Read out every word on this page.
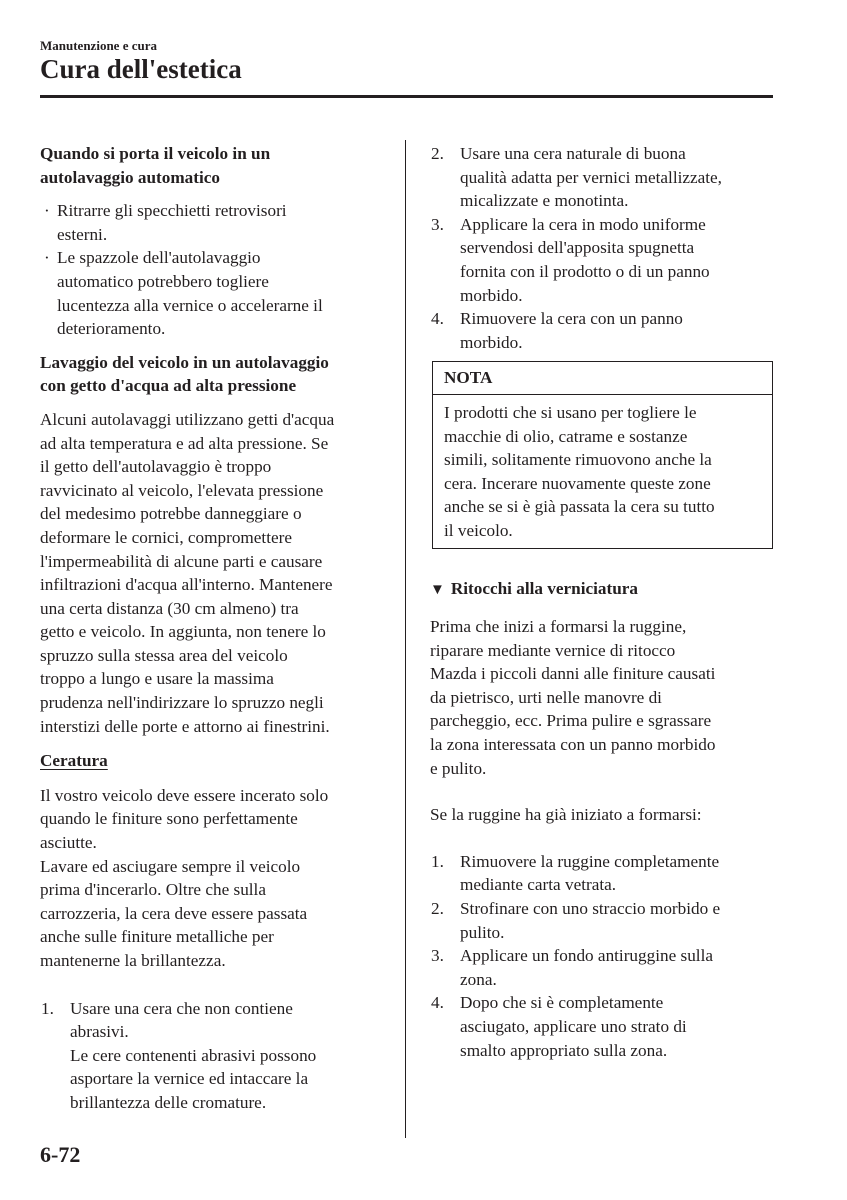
Manutenzione e cura
Cura dell'estetica

Quando si porta il veicolo in un
autolavaggio automatico

· Ritrarre gli specchietti retrovisori
esterni.
· Le spazzole dell'autolavaggio
automatico potrebbero togliere
lucentezza alla vernice o accelerarne il
deterioramento.

Lavaggio del veicolo in un autolavaggio
con getto d'acqua ad alta pressione

Alcuni autolavaggi utilizzano getti d'acqua
ad alta temperatura e ad alta pressione. Se
il getto dell'autolavaggio è troppo
ravvicinato al veicolo, l'elevata pressione
del medesimo potrebbe danneggiare o
deformare le cornici, compromettere
l'impermeabilità di alcune parti e causare
infiltrazioni d'acqua all'interno. Mantenere
una certa distanza (30 cm almeno) tra
getto e veicolo. In aggiunta, non tenere lo
spruzzo sulla stessa area del veicolo
troppo a lungo e usare la massima
prudenza nell'indirizzare lo spruzzo negli
interstizi delle porte e attorno ai finestrini.

Ceratura

Il vostro veicolo deve essere incerato solo
quando le finiture sono perfettamente
asciutte.
Lavare ed asciugare sempre il veicolo
prima d'incerarlo. Oltre che sulla
carrozzeria, la cera deve essere passata
anche sulle finiture metalliche per
mantenerne la brillantezza.

1. Usare una cera che non contiene
abrasivi.
Le cere contenenti abrasivi possono
asportare la vernice ed intaccare la
brillantezza delle cromature.
2. Usare una cera naturale di buona
qualità adatta per vernici metallizzate,
micalizzate e monotinta.
3. Applicare la cera in modo uniforme
servendosi dell'apposita spugnetta
fornita con il prodotto o di un panno
morbido.
4. Rimuovere la cera con un panno
morbido.
NOTA
I prodotti che si usano per togliere le
macchie di olio, catrame e sostanze
simili, solitamente rimuovono anche la
cera. Incerare nuovamente queste zone
anche se si è già passata la cera su tutto
il veicolo.

▼ Ritocchi alla verniciatura

Prima che inizi a formarsi la ruggine,
riparare mediante vernice di ritocco
Mazda i piccoli danni alle finiture causati
da pietrisco, urti nelle manovre di
parcheggio, ecc. Prima pulire e sgrassare
la zona interessata con un panno morbido
e pulito.

Se la ruggine ha già iniziato a formarsi:

1. Rimuovere la ruggine completamente
mediante carta vetrata.
2. Strofinare con uno straccio morbido e
pulito.
3. Applicare un fondo antiruggine sulla
zona.
4. Dopo che si è completamente
asciugato, applicare uno strato di
smalto appropriato sulla zona.
6-72
